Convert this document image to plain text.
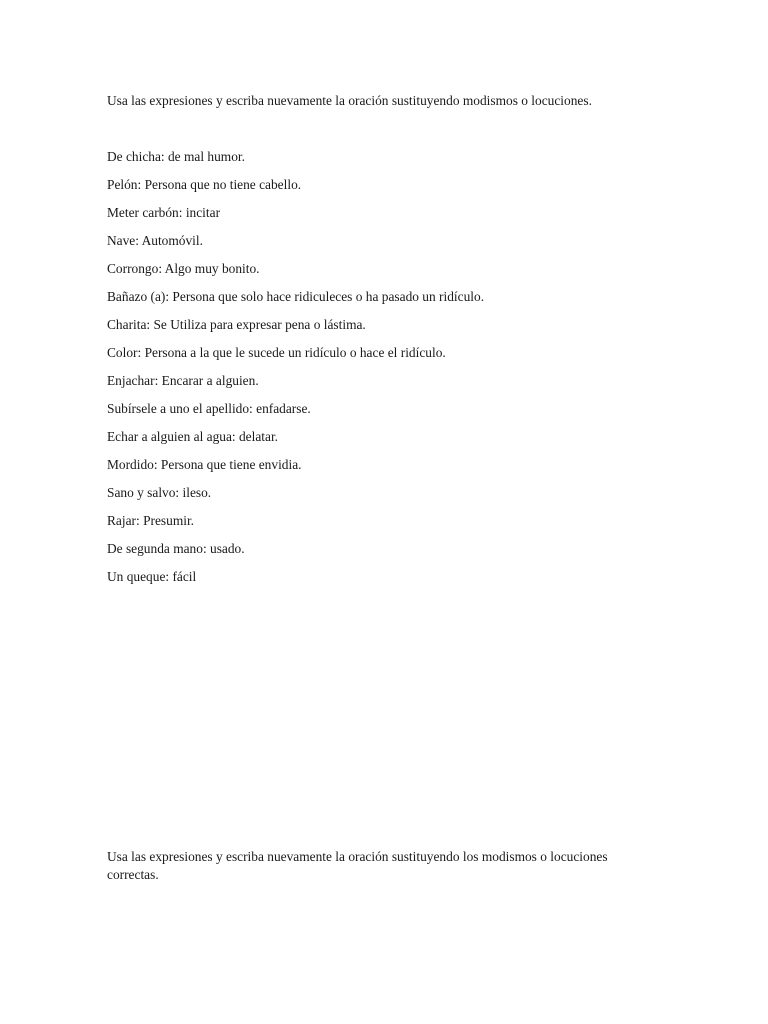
Usa las expresiones y escriba nuevamente la oración sustituyendo modismos o locuciones.

De chicha: de mal humor.
Pelón: Persona que no tiene cabello.
Meter carbón: incitar
Nave: Automóvil.
Corrongo: Algo muy bonito.
Bañazo (a): Persona que solo hace ridiculeces o ha pasado un ridículo.
Charita: Se Utiliza para expresar pena o lástima.
Color: Persona a la que le sucede un ridículo o hace el ridículo.
Enjachar: Encarar a alguien.
Subírsele a uno el apellido: enfadarse.
Echar a alguien al agua: delatar.
Mordido: Persona que tiene envidia.
Sano y salvo: ileso.
Rajar: Presumir.
De segunda mano: usado.
Un queque: fácil

Usa las expresiones y escriba nuevamente la oración sustituyendo los modismos o locuciones correctas.
